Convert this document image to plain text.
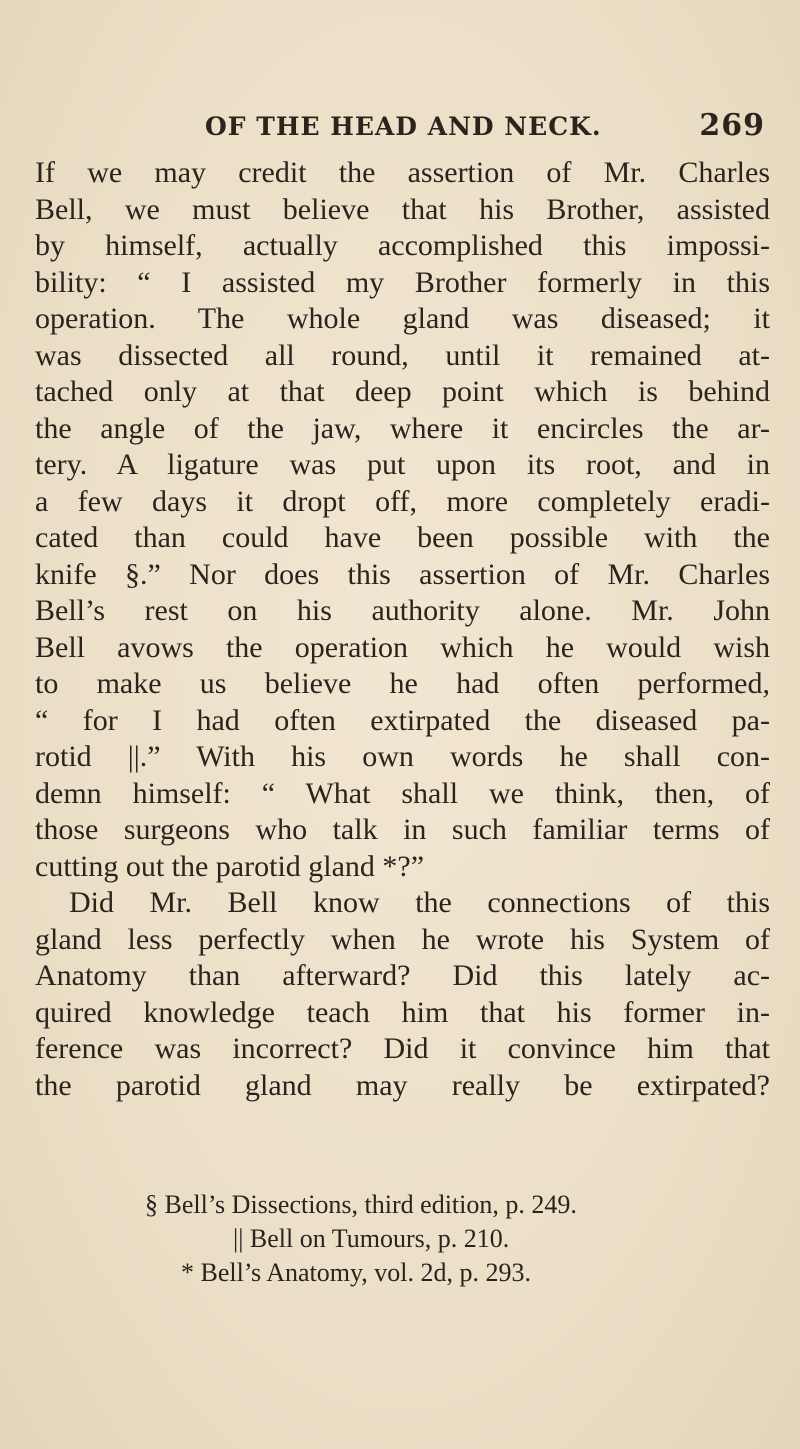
OF THE HEAD AND NECK.	269
If we may credit the assertion of Mr. Charles
Bell, we must believe that his Brother, assisted
by himself, actually accomplished this impossi-
bility: “ I assisted my Brother formerly in this
operation. The whole gland was diseased; it
was dissected all round, until it remained at-
tached only at that deep point which is behind
the angle of the jaw, where it encircles the ar-
tery. A ligature was put upon its root, and in
a few days it dropt off, more completely eradi-
cated than could have been possible with the
knife §.” Nor does this assertion of Mr. Charles
Bell’s rest on his authority alone. Mr. John
Bell avows the operation which he would wish
to make us believe he had often performed,
“ for I had often extirpated the diseased pa-
rotid ||.” With his own words he shall con-
demn himself: “ What shall we think, then, of
those surgeons who talk in such familiar terms of
cutting out the parotid gland *?”
Did Mr. Bell know the connections of this
gland less perfectly when he wrote his System of
Anatomy than afterward? Did this lately ac-
quired knowledge teach him that his former in-
ference was incorrect? Did it convince him that
the parotid gland may really be extirpated?
§ Bell’s Dissections, third edition, p. 249.
|| Bell on Tumours, p. 210.
* Bell’s Anatomy, vol. 2d, p. 293.
